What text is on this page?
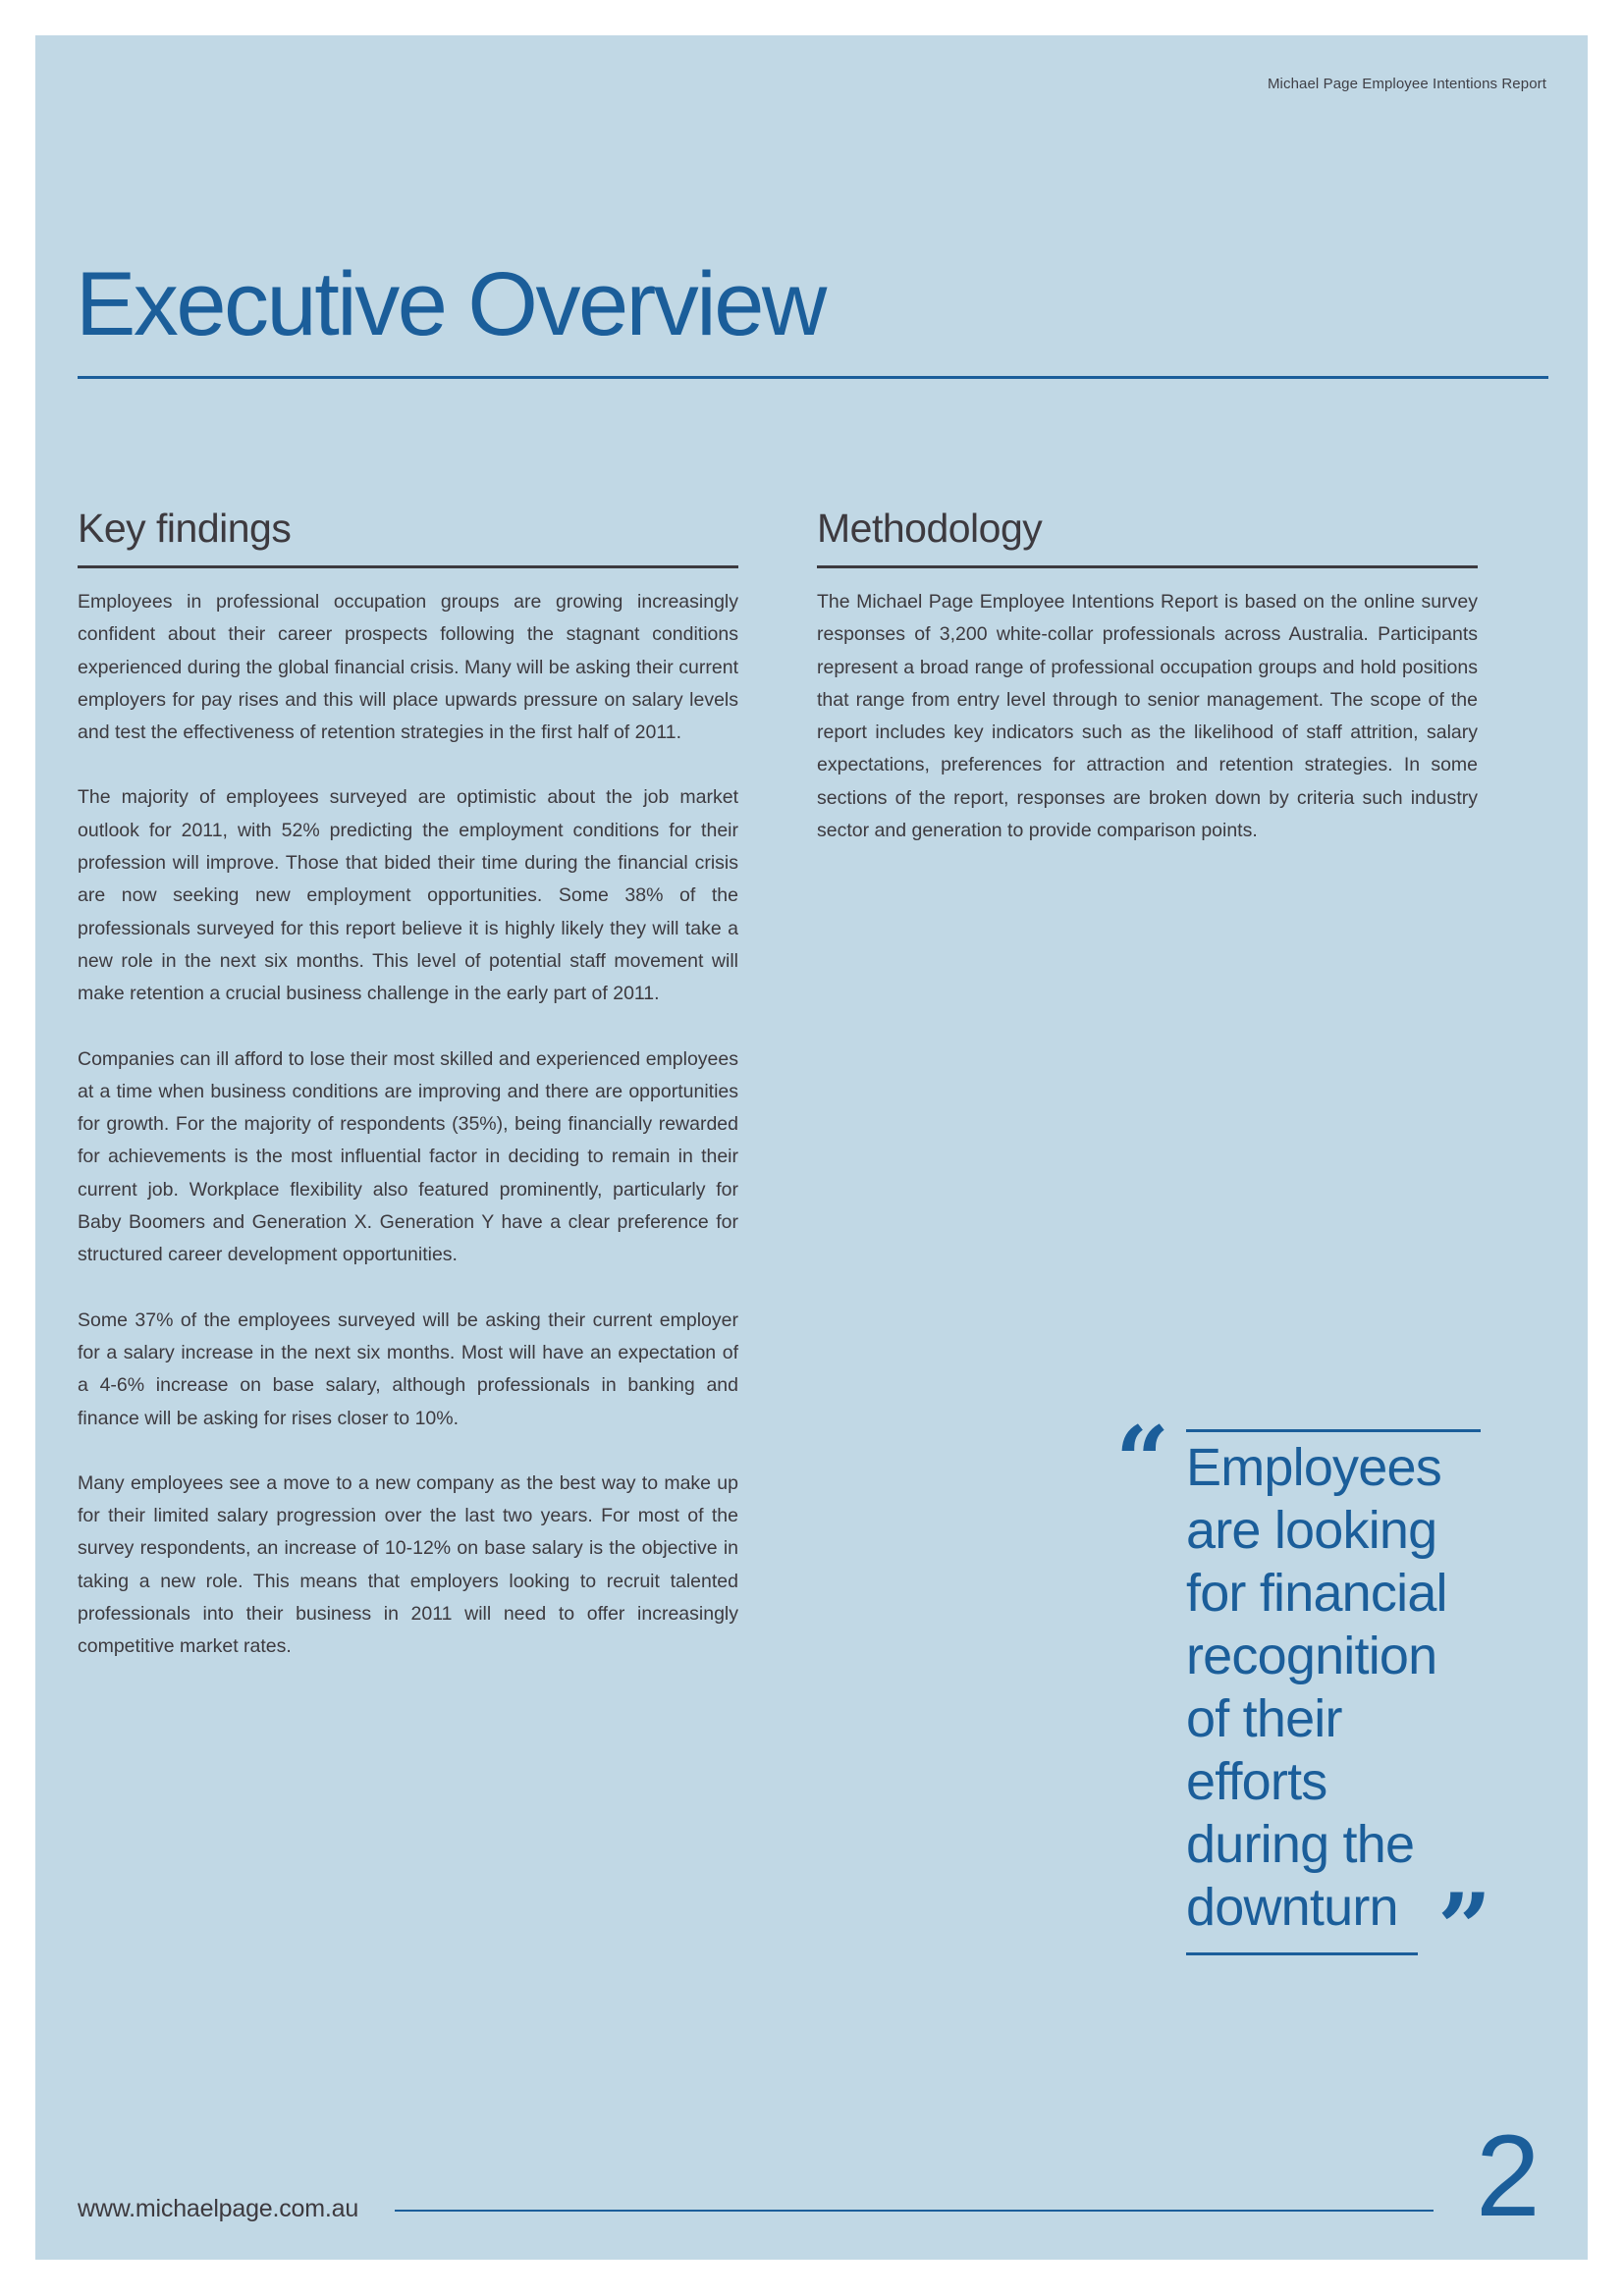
Michael Page Employee Intentions Report
Executive Overview
Key findings

Employees in professional occupation groups are growing increasingly confident about their career prospects following the stagnant conditions experienced during the global financial crisis. Many will be asking their current employers for pay rises and this will place upwards pressure on salary levels and test the effectiveness of retention strategies in the first half of 2011.

The majority of employees surveyed are optimistic about the job market outlook for 2011, with 52% predicting the employment conditions for their profession will improve. Those that bided their time during the financial crisis are now seeking new employment opportunities. Some 38% of the professionals surveyed for this report believe it is highly likely they will take a new role in the next six months. This level of potential staff movement will make retention a crucial business challenge in the early part of 2011.

Companies can ill afford to lose their most skilled and experienced employees at a time when business conditions are improving and there are opportunities for growth. For the majority of respondents (35%), being financially rewarded for achievements is the most influential factor in deciding to remain in their current job. Workplace flexibility also featured prominently, particularly for Baby Boomers and Generation X. Generation Y have a clear preference for structured career development opportunities.

Some 37% of the employees surveyed will be asking their current employer for a salary increase in the next six months. Most will have an expectation of a 4-6% increase on base salary, although professionals in banking and finance will be asking for rises closer to 10%.

Many employees see a move to a new company as the best way to make up for their limited salary progression over the last two years. For most of the survey respondents, an increase of 10-12% on base salary is the objective in taking a new role. This means that employers looking to recruit talented professionals into their business in 2011 will need to offer increasingly competitive market rates.

Methodology

The Michael Page Employee Intentions Report is based on the online survey responses of 3,200 white-collar professionals across Australia. Participants represent a broad range of professional occupation groups and hold positions that range from entry level through to senior management. The scope of the report includes key indicators such as the likelihood of staff attrition, salary expectations, preferences for attraction and retention strategies. In some sections of the report, responses are broken down by criteria such industry sector and generation to provide comparison points.

“ Employees
are looking
for financial
recognition
of their
efforts
during the
downturn ”
www.michaelpage.com.au	2
